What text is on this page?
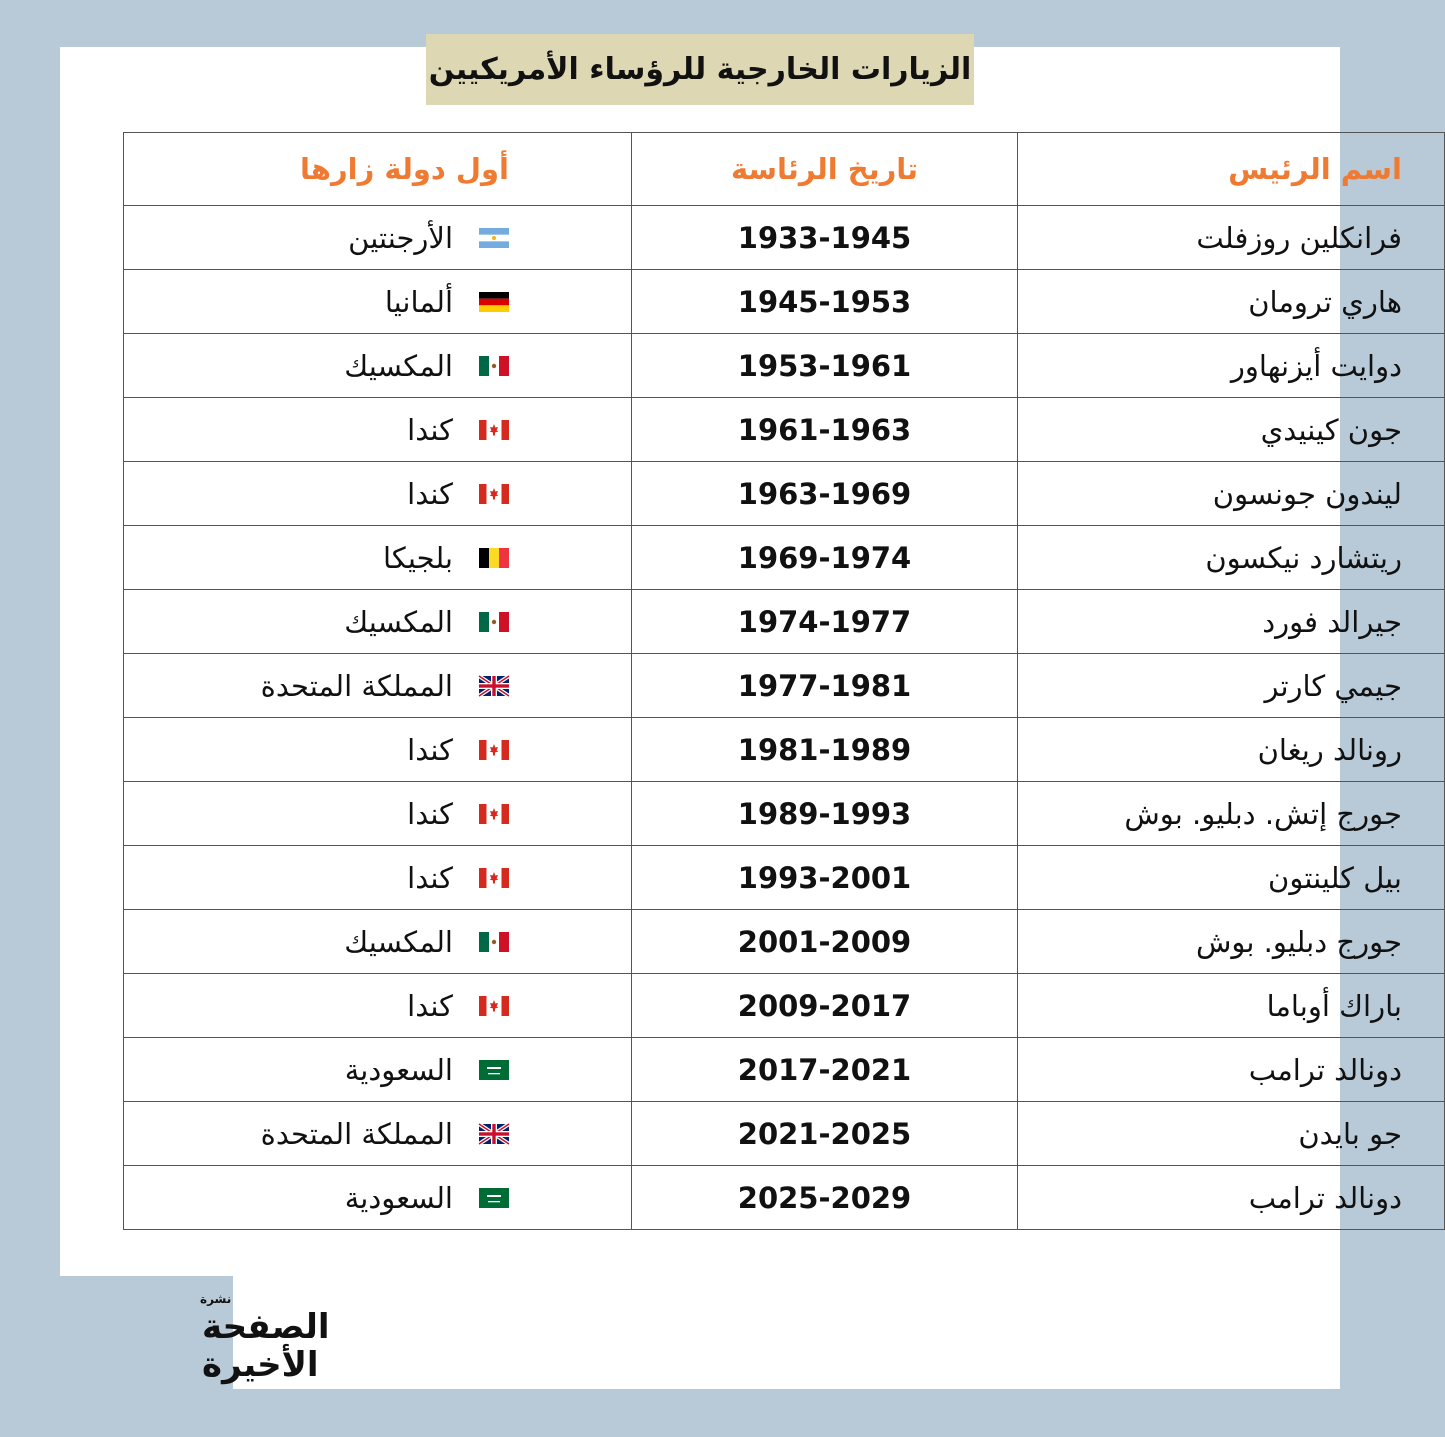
الزيارات الخارجية للرؤساء الأمريكيين
اسم الرئيس	تاريخ الرئاسة	أول دولة زارها
فرانكلين روزفلت	1933-1945	الأرجنتين

هاري ترومان	1945-1953	ألمانيا

دوايت أيزنهاور	1953-1961	المكسيك

جون كينيدي	1961-1963	كندا

ليندون جونسون	1963-1969	كندا

ريتشارد نيكسون	1969-1974	بلجيكا

جيرالد فورد	1974-1977	المكسيك

جيمي كارتر	1977-1981	المملكة المتحدة

رونالد ريغان	1981-1989	كندا

جورج إتش. دبليو. بوش	1989-1993	كندا

بيل كلينتون	1993-2001	كندا

جورج دبليو. بوش	2001-2009	المكسيك

باراك أوباما	2009-2017	كندا

دونالد ترامب	2017-2021	السعودية

جو بايدن	2021-2025	المملكة المتحدة

دونالد ترامب	2025-2029	السعودية
نشرة
الصفحة
الأخيرة
